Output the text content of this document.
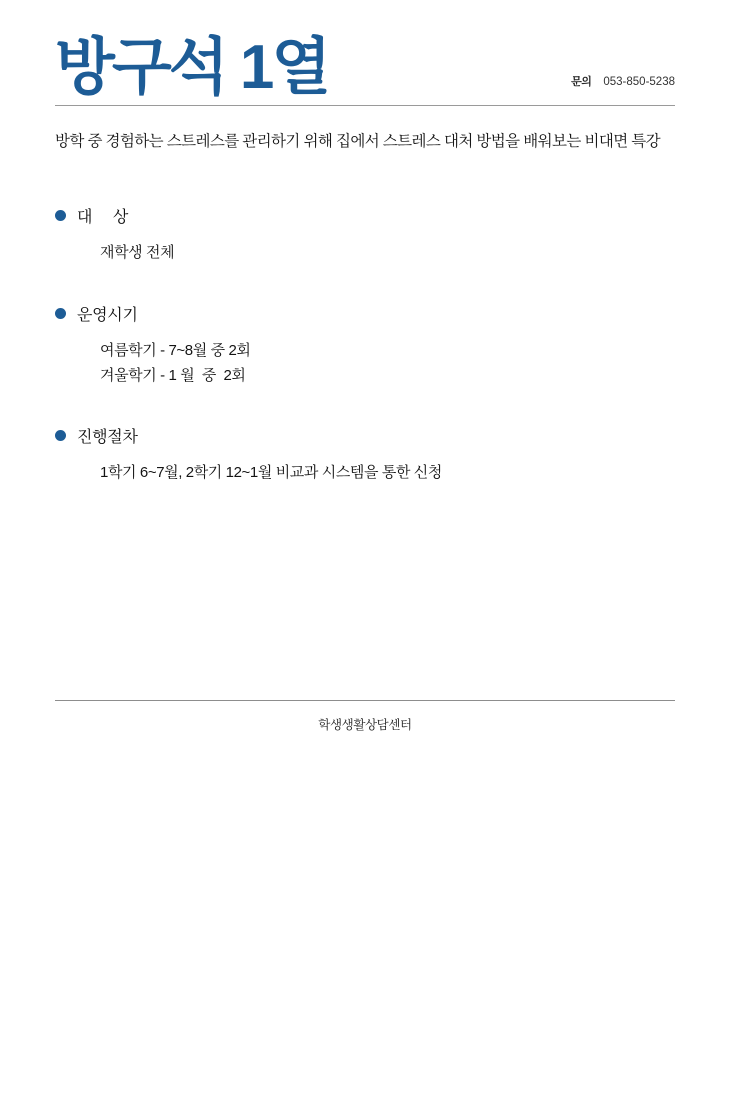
방구석 1열	문의 053-850-5238

방학 중 경험하는 스트레스를 관리하기 위해 집에서 스트레스 대처 방법을 배워보는 비대면 특강

대     상
재학생 전체
운영시기
여름학기 - 7~8월 중 2회
겨울학기 - 1 월  중  2회
진행절차
1학기 6~7월, 2학기 12~1월 비교과 시스템을 통한 신청
학생생활상담센터
